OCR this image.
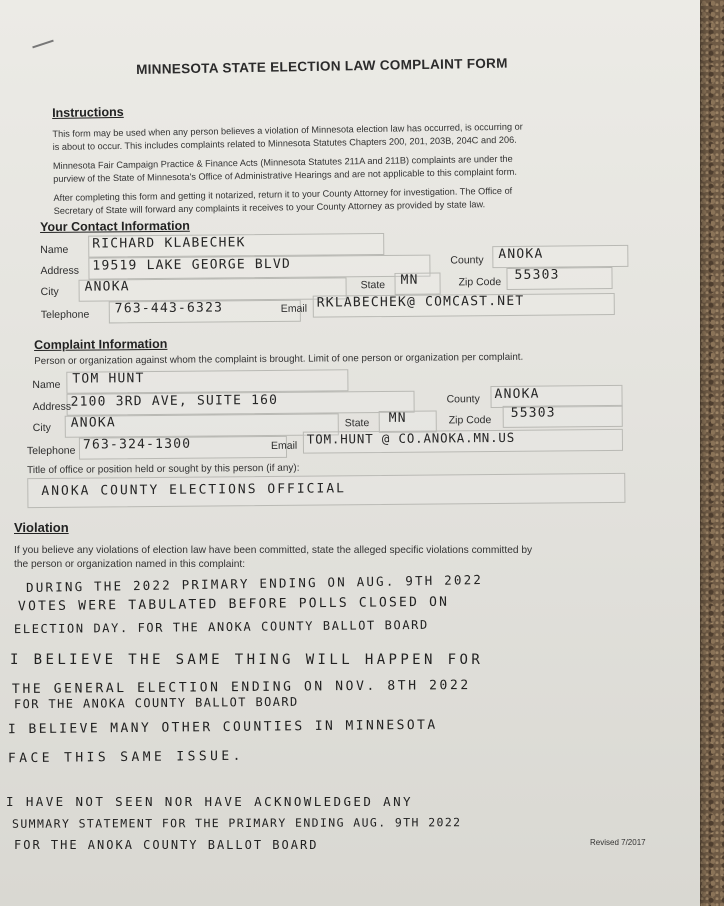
MINNESOTA STATE ELECTION LAW COMPLAINT FORM
Instructions
This form may be used when any person believes a violation of Minnesota election law has occurred, is occurring or
is about to occur. This includes complaints related to Minnesota Statutes Chapters 200, 201, 203B, 204C and 206.
Minnesota Fair Campaign Practice & Finance Acts (Minnesota Statutes 211A and 211B) complaints are under the
purview of the State of Minnesota's Office of Administrative Hearings and are not applicable to this complaint form.
After completing this form and getting it notarized, return it to your County Attorney for investigation. The Office of
Secretary of State will forward any complaints it receives to your County Attorney as provided by state law.
Your Contact Information
Name RICHARD KLABECHEK
Address 19519 LAKE GEORGE BLVD	County ANOKA
City ANOKA	State MN	Zip Code 55303
Telephone 763-443-6323	Email RKLABECHEK@ COMCAST.NET
Complaint Information
Person or organization against whom the complaint is brought. Limit of one person or organization per complaint.
Name TOM HUNT
Address 2100 3RD AVE, SUITE 160	County ANOKA
City ANOKA	State MN	Zip Code 55303
Telephone 763-324-1300	Email TOM.HUNT @ CO.ANOKA.MN.US
Title of office or position held or sought by this person (if any):
ANOKA COUNTY ELECTIONS OFFICIAL
Violation
If you believe any violations of election law have been committed, state the alleged specific violations committed by
the person or organization named in this complaint:
DURING THE 2022 PRIMARY ENDING ON AUG. 9TH 2022
VOTES WERE TABULATED BEFORE POLLS CLOSED ON
ELECTION DAY. FOR THE ANOKA COUNTY BALLOT BOARD
I BELIEVE THE SAME THING WILL HAPPEN FOR
THE GENERAL ELECTION ENDING ON NOV. 8TH 2022
FOR THE ANOKA COUNTY BALLOT BOARD
I BELIEVE MANY OTHER COUNTIES IN MINNESOTA
FACE THIS SAME ISSUE.
I HAVE NOT SEEN NOR HAVE ACKNOWLEDGED ANY
SUMMARY STATEMENT FOR THE PRIMARY ENDING AUG. 9TH 2022
FOR THE ANOKA COUNTY BALLOT BOARD	Revised 7/2017
